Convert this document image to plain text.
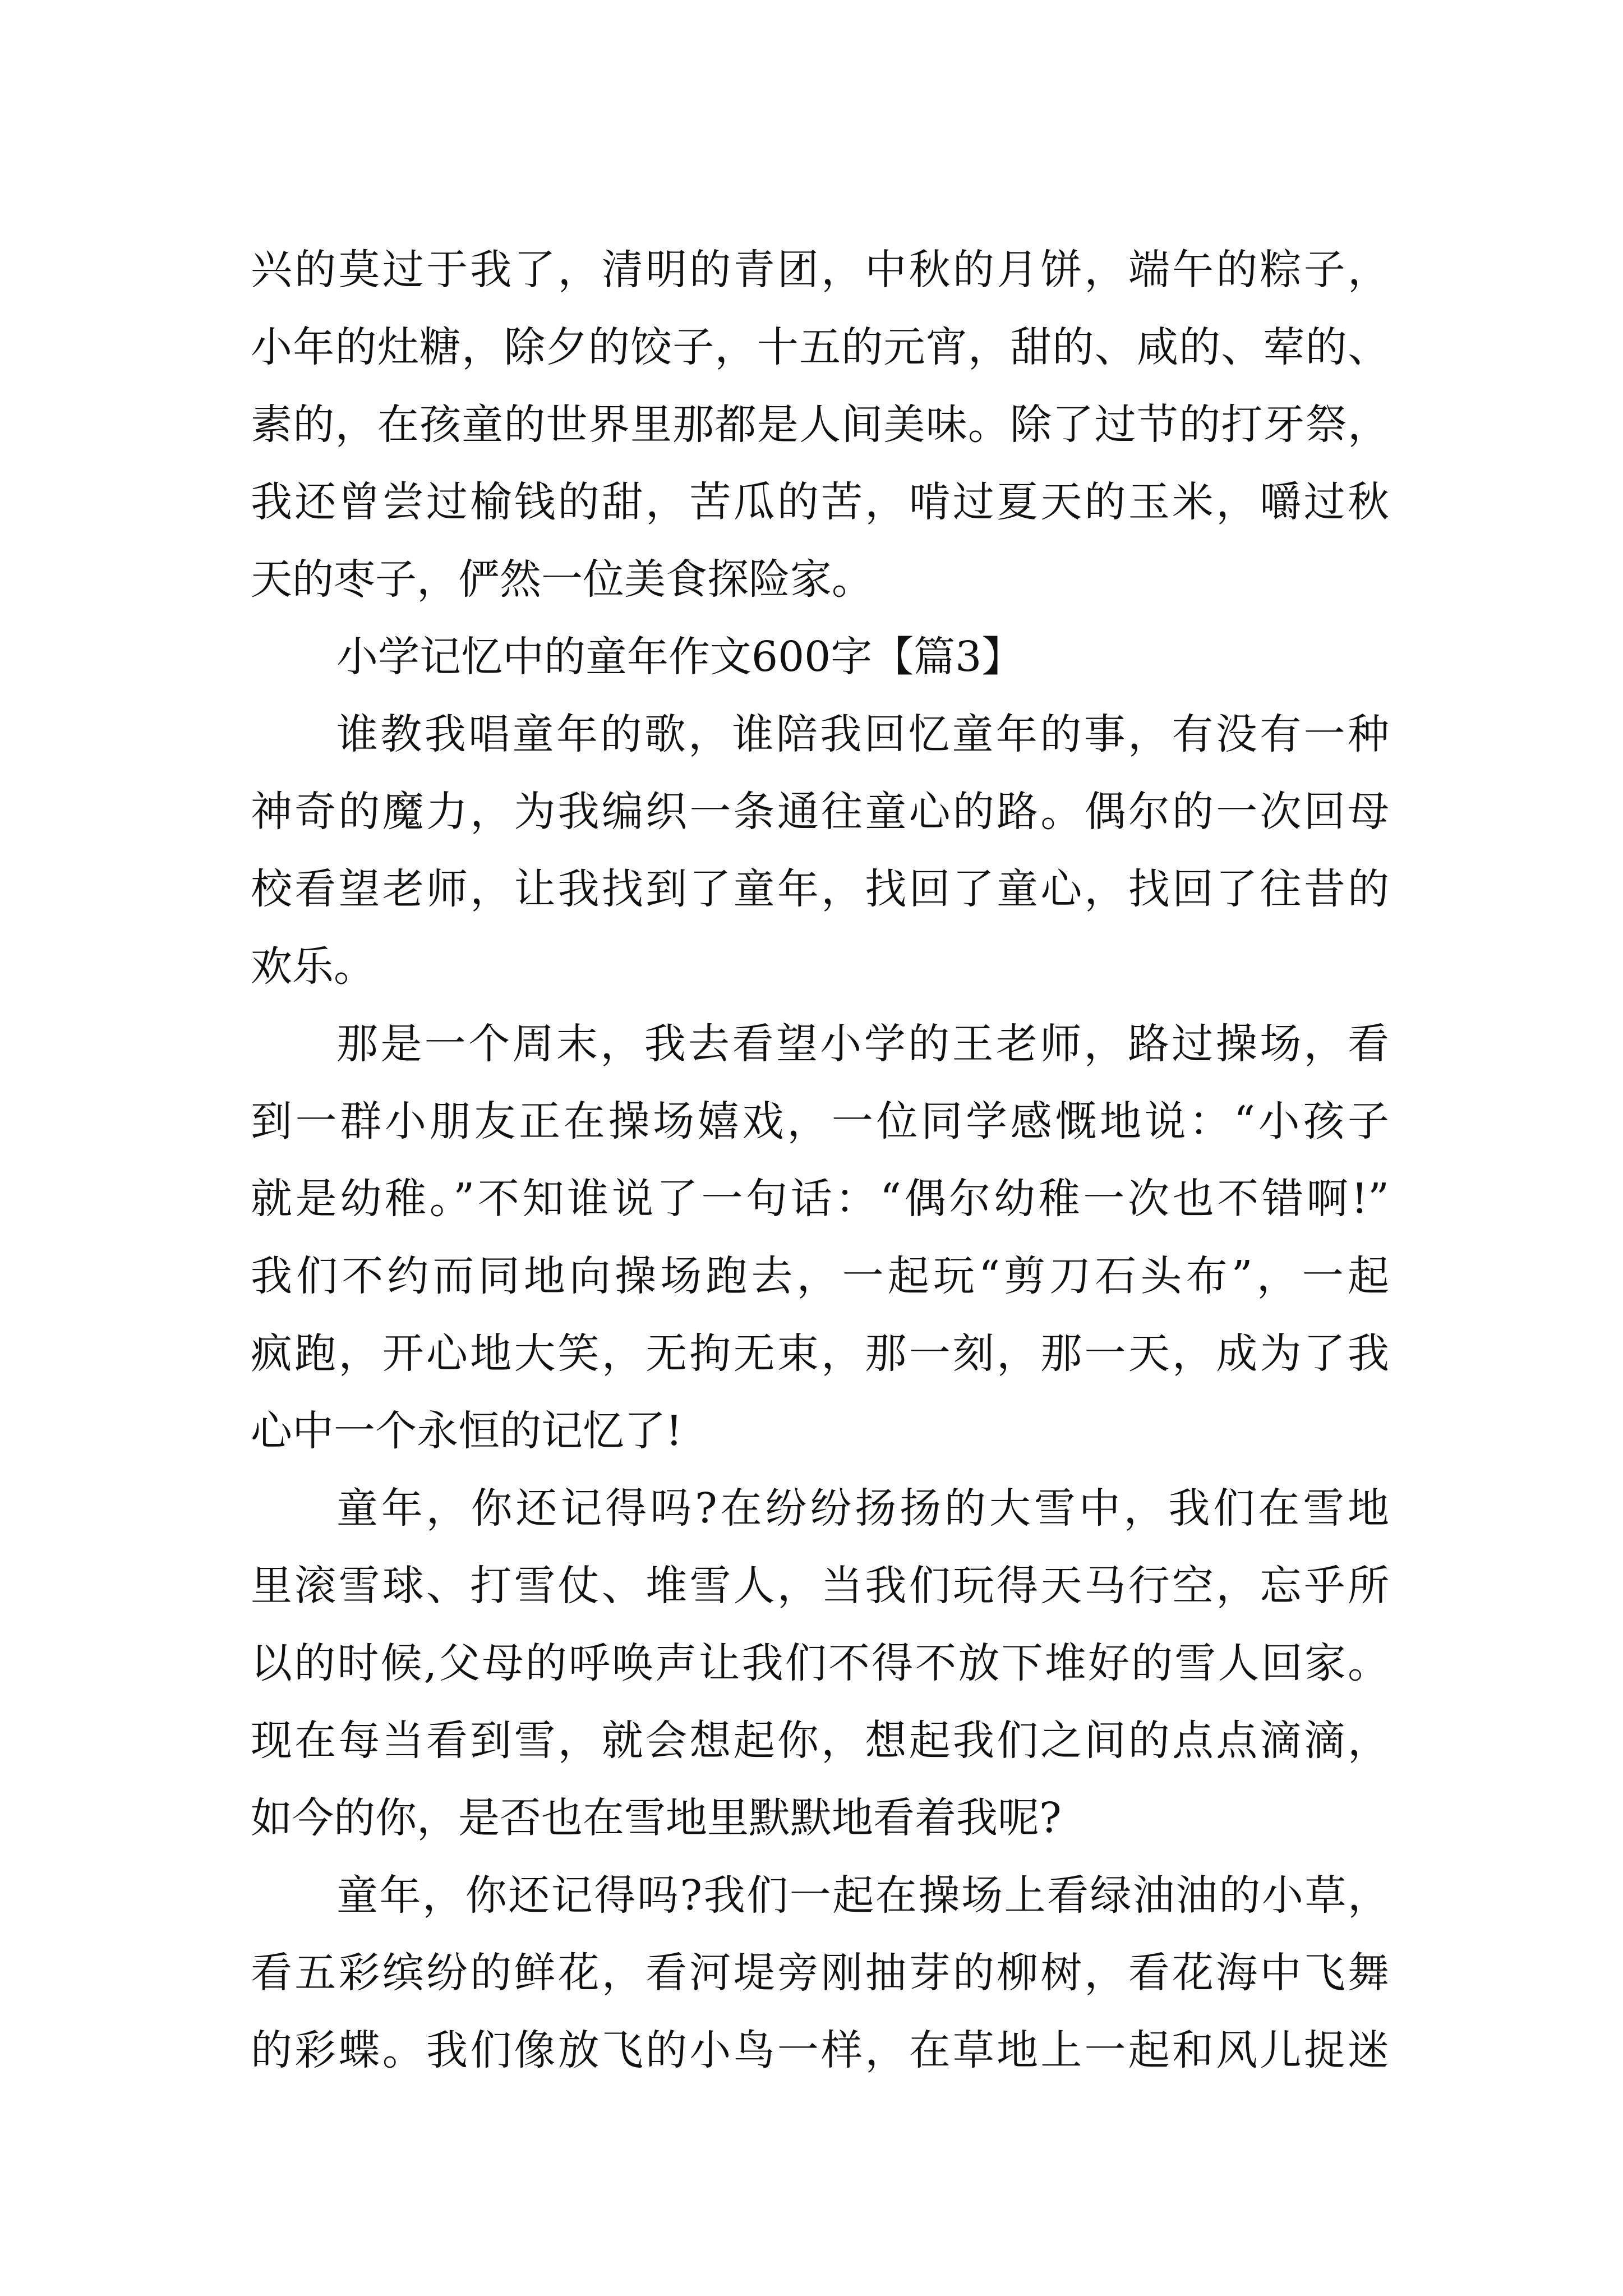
兴的莫过于我了，清明的青团，中秋的月饼，端午的粽子，
小年的灶糖，除夕的饺子，十五的元宵，甜的、咸的、荤的、
素的，在孩童的世界里那都是人间美味。除了过节的打牙祭，
我还曾尝过榆钱的甜，苦瓜的苦，啃过夏天的玉米，嚼过秋
天的枣子，俨然一位美食探险家。
小学记忆中的童年作文600字【篇3】
谁教我唱童年的歌，谁陪我回忆童年的事，有没有一种
神奇的魔力，为我编织一条通往童心的路。偶尔的一次回母
校看望老师，让我找到了童年，找回了童心，找回了往昔的
欢乐。
那是一个周末，我去看望小学的王老师，路过操场，看
到一群小朋友正在操场嬉戏，一位同学感慨地说：“小孩子
就是幼稚。”不知谁说了一句话：“偶尔幼稚一次也不错啊!”
我们不约而同地向操场跑去，一起玩“剪刀石头布”，一起
疯跑，开心地大笑，无拘无束，那一刻，那一天，成为了我
心中一个永恒的记忆了!
童年，你还记得吗?在纷纷扬扬的大雪中，我们在雪地
里滚雪球、打雪仗、堆雪人，当我们玩得天马行空，忘乎所
以的时候,父母的呼唤声让我们不得不放下堆好的雪人回家。
现在每当看到雪，就会想起你，想起我们之间的点点滴滴，
如今的你，是否也在雪地里默默地看着我呢?
童年，你还记得吗?我们一起在操场上看绿油油的小草，
看五彩缤纷的鲜花，看河堤旁刚抽芽的柳树，看花海中飞舞
的彩蝶。我们像放飞的小鸟一样，在草地上一起和风儿捉迷
